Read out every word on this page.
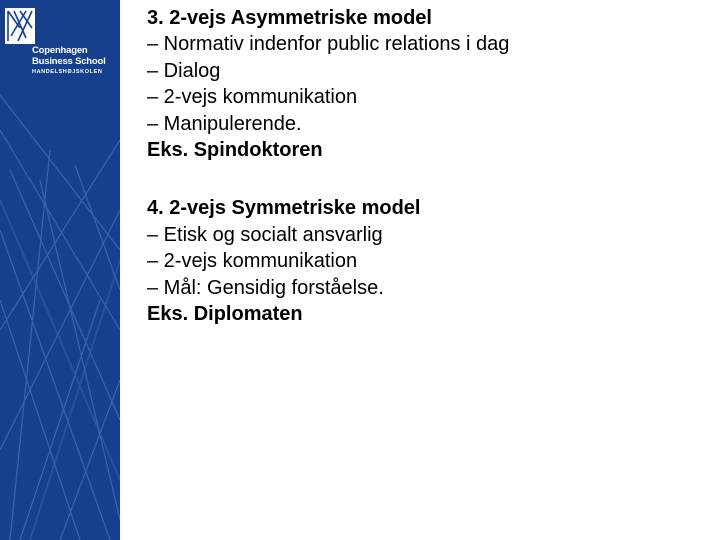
Copenhagen
Business School
HANDELSHØJSKOLEN
3. 2-vejs Asymmetriske model
– Normativ indenfor public relations i dag
– Dialog
– 2-vejs kommunikation
– Manipulerende.
Eks. Spindoktoren
4. 2-vejs Symmetriske model
– Etisk og socialt ansvarlig
– 2-vejs kommunikation
– Mål: Gensidig forståelse.
Eks. Diplomaten
